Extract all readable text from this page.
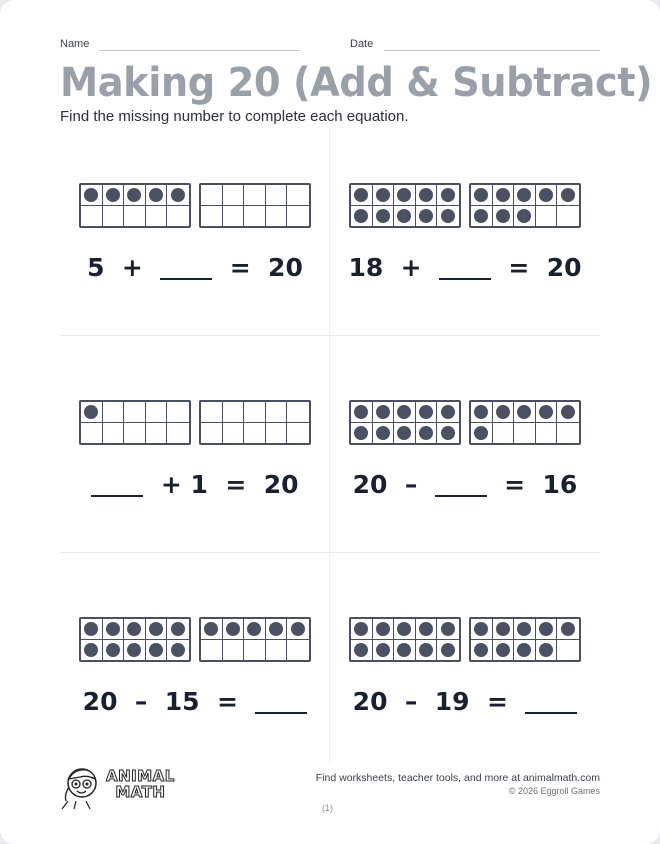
Name	Date
Making 20 (Add & Subtract)
Find the missing number to complete each equation.
5  +    =  20	18  +    =  20
+ 1  =  20	20  –    =  16
20  –  15  =	20  –  19  =
ANIMAL
MATH
Find worksheets, teacher tools, and more at animalmath.com
© 2026 Eggroll Games
(1)
